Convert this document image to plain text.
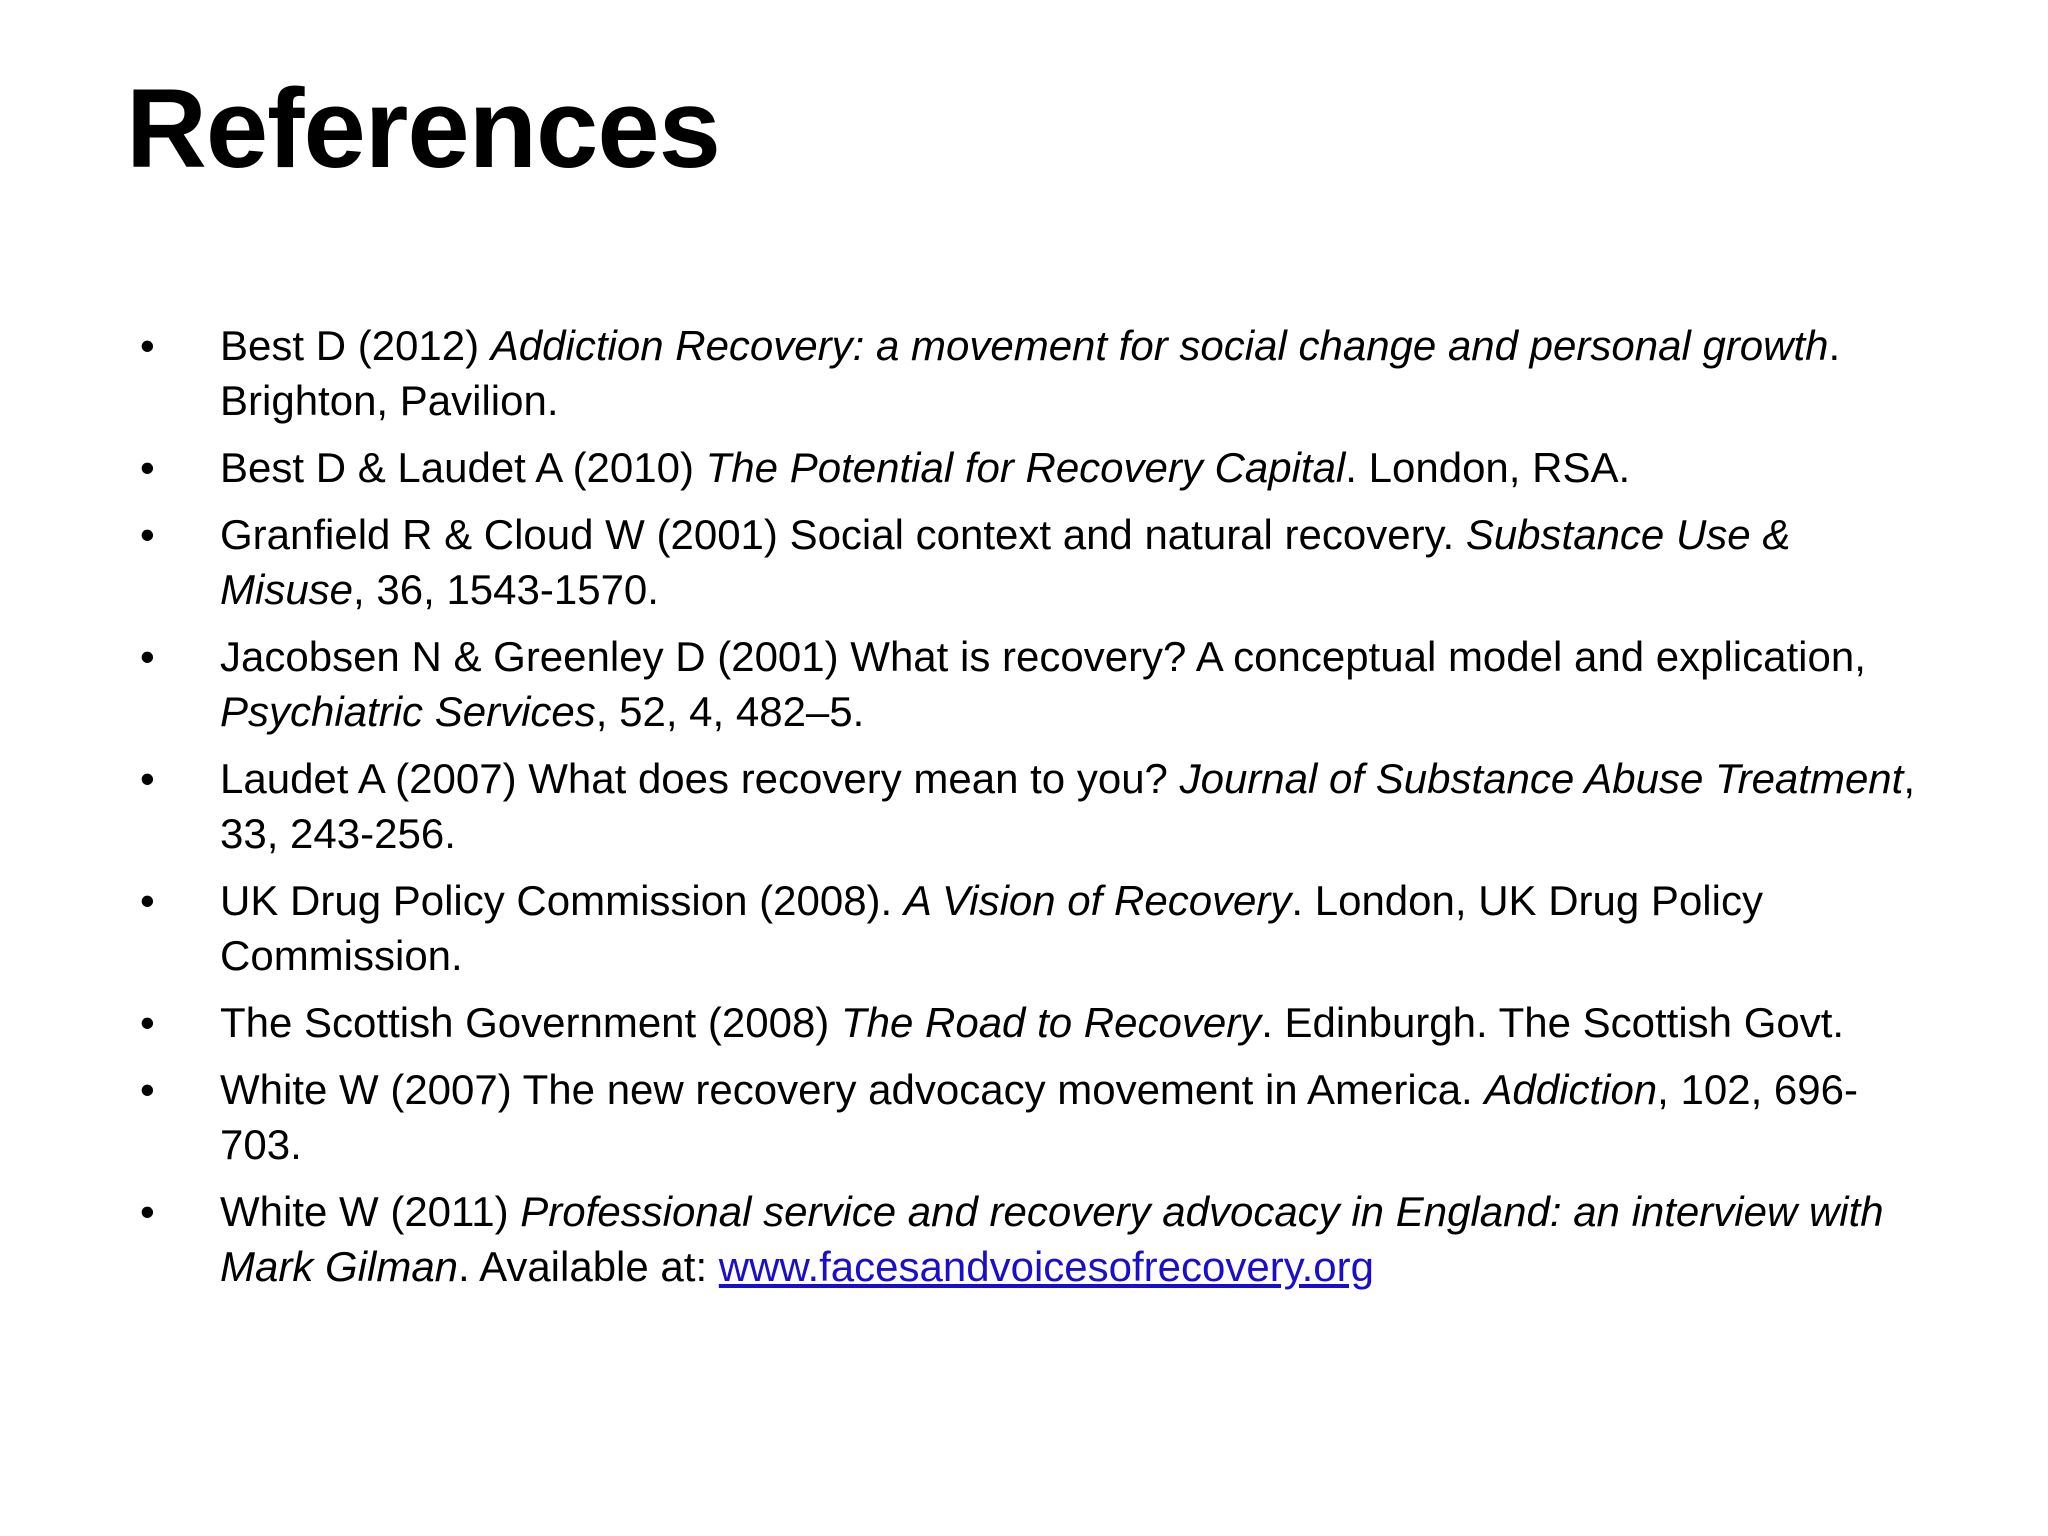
References
• Best D (2012) Addiction Recovery: a movement for social change and personal growth. Brighton, Pavilion.
• Best D & Laudet A (2010) The Potential for Recovery Capital. London, RSA.
• Granfield R & Cloud W (2001) Social context and natural recovery. Substance Use & Misuse, 36, 1543-1570.
• Jacobsen N & Greenley D (2001) What is recovery? A conceptual model and explication, Psychiatric Services, 52, 4, 482–5.
• Laudet A (2007) What does recovery mean to you? Journal of Substance Abuse Treatment, 33, 243-256.
• UK Drug Policy Commission (2008). A Vision of Recovery. London, UK Drug Policy Commission.
• The Scottish Government (2008) The Road to Recovery. Edinburgh. The Scottish Govt.
• White W (2007) The new recovery advocacy movement in America. Addiction, 102, 696-703.
• White W (2011) Professional service and recovery advocacy in England: an interview with Mark Gilman. Available at: www.facesandvoicesofrecovery.org
